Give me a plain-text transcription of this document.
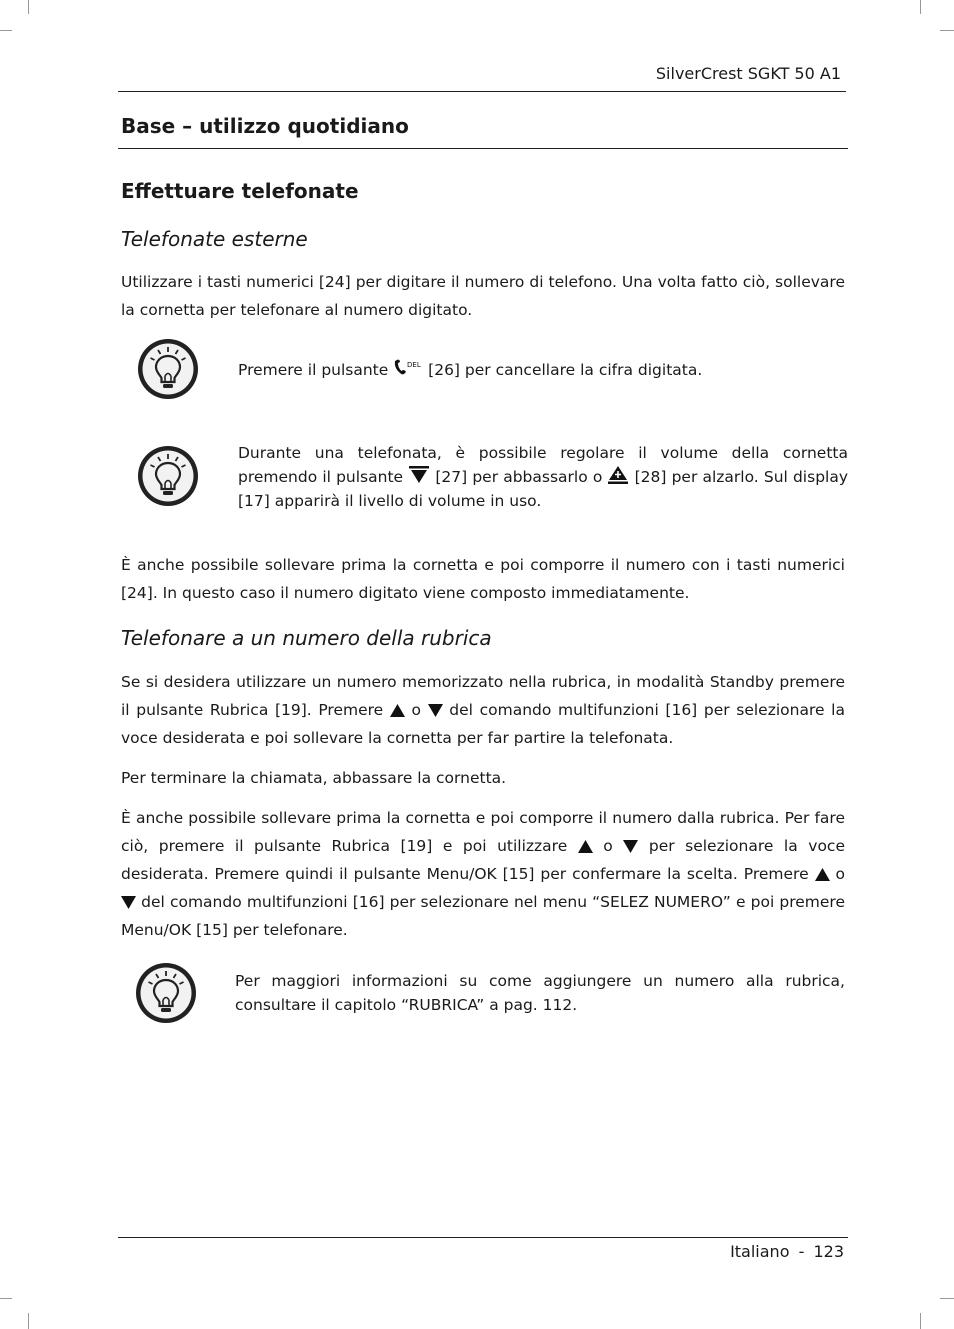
SilverCrest SGKT 50 A1
Base – utilizzo quotidiano
Effettuare telefonate
Telefonate esterne

Utilizzare i tasti numerici [24] per digitare il numero di telefono. Una volta fatto ciò, sollevare la cornetta per telefonare al numero digitato.

Premere il pulsante DEL [26] per cancellare la cifra digitata.

Durante una telefonata, è possibile regolare il volume della cornetta premendo il pulsante
[27] per abbassarlo o
[28] per alzarlo. Sul display [17] apparirà il livello di volume in uso.

È anche possibile sollevare prima la cornetta e poi comporre il numero con i tasti numerici [24]. In questo caso il numero digitato viene composto immediatamente.

Telefonare a un numero della rubrica

Se si desidera utilizzare un numero memorizzato nella rubrica, in modalità Standby premere il pulsante Rubrica [19]. Premere
o
del comando multifunzioni [16] per selezionare la voce desiderata e poi sollevare la cornetta per far partire la telefonata.

Per terminare la chiamata, abbassare la cornetta.

È anche possibile sollevare prima la cornetta e poi comporre il numero dalla rubrica. Per fare ciò, premere il pulsante Rubrica [19] e poi utilizzare
o
per selezionare la voce desiderata. Premere quindi il pulsante Menu/OK [15] per confermare la scelta. Premere
o
del comando multifunzioni [16] per selezionare nel menu “SELEZ NUMERO” e poi premere Menu/OK [15] per telefonare.

Per maggiori informazioni su come aggiungere un numero alla rubrica, consultare il capitolo “RUBRICA” a pag. 112.

Italiano - 123
